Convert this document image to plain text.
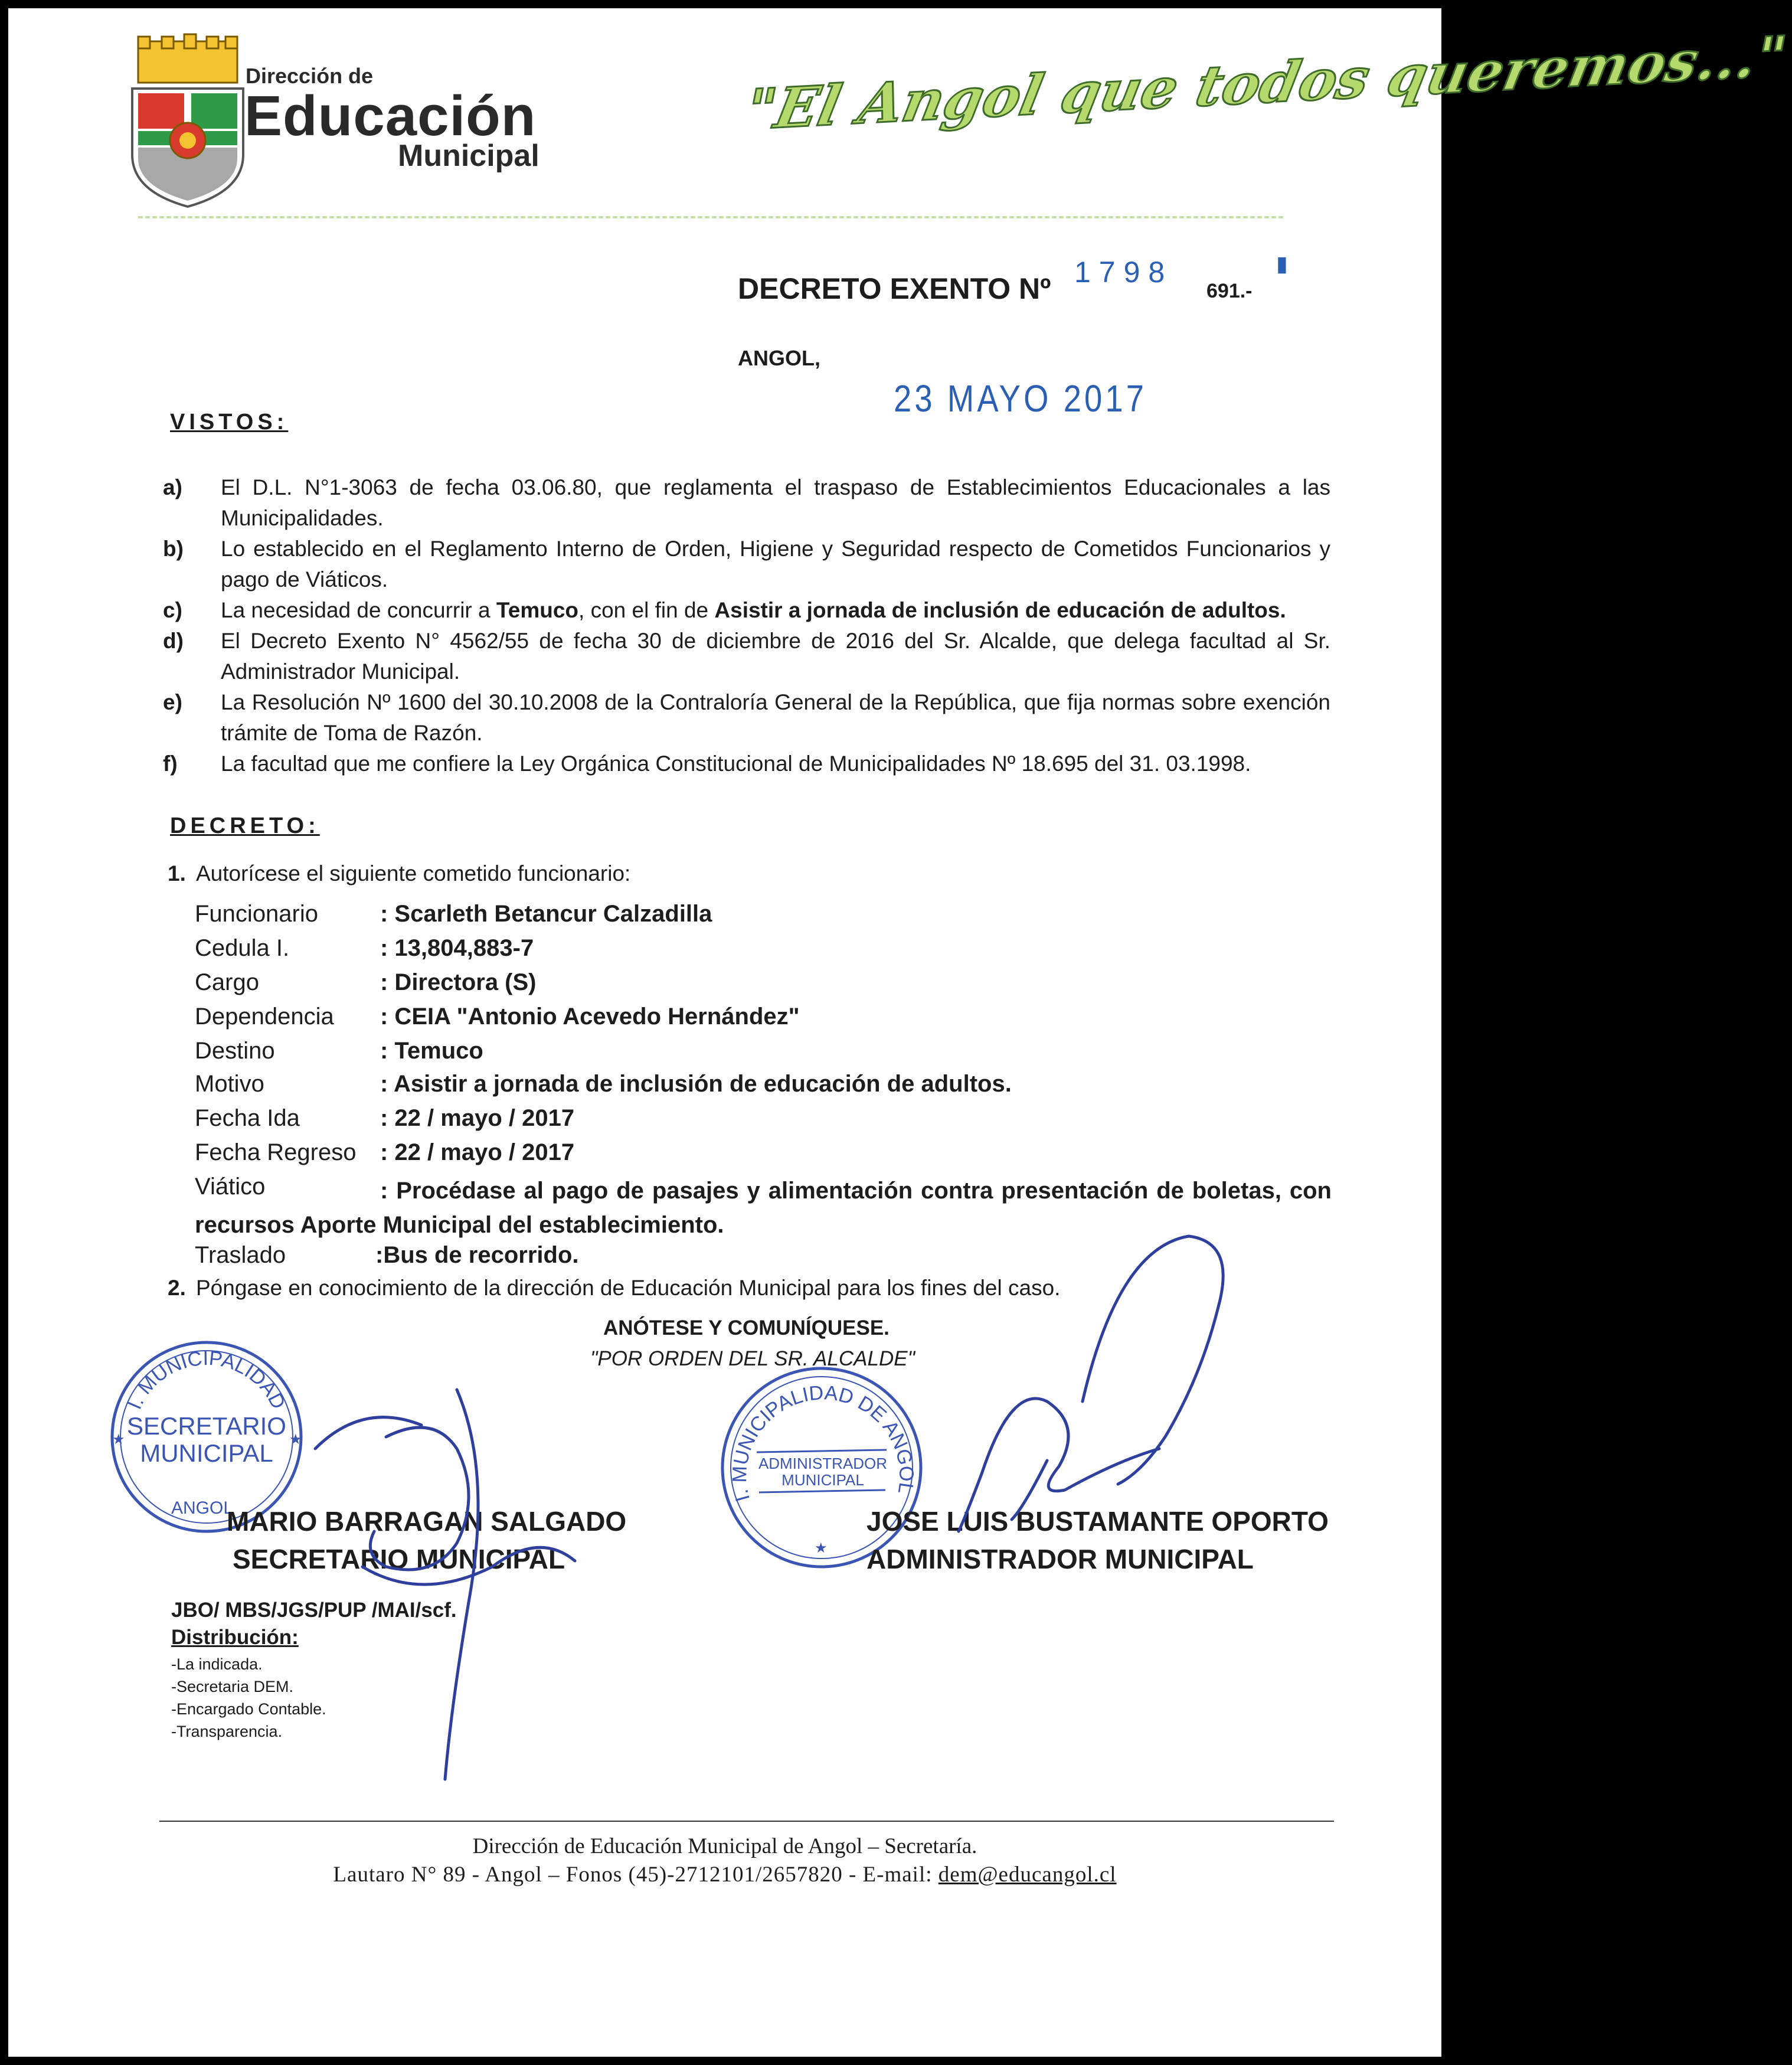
Dirección de
Educación
Municipal
"El Angol que todos queremos..."
DECRETO EXENTO Nº 1798
691.-
▮
ANGOL,
23 MAYO 2017
VISTOS:
a) El D.L. N°1-3063 de fecha 03.06.80, que reglamenta el traspaso de Establecimientos Educacionales a las Municipalidades.
b) Lo establecido en el Reglamento Interno de Orden, Higiene y Seguridad respecto de Cometidos Funcionarios y pago de Viáticos.
c) La necesidad de concurrir a Temuco, con el fin de Asistir a jornada de inclusión de educación de adultos.
d) El Decreto Exento N° 4562/55 de fecha 30 de diciembre de 2016 del Sr. Alcalde, que delega facultad al Sr. Administrador Municipal.
e) La Resolución Nº 1600 del 30.10.2008 de la Contraloría General de la República, que fija normas sobre exención trámite de Toma de Razón.
f) La facultad que me confiere la Ley Orgánica Constitucional de Municipalidades Nº 18.695 del 31. 03.1998.
DECRETO:
1. Autorícese el siguiente cometido funcionario:
Funcionario	: Scarleth Betancur Calzadilla
Cedula I.	: 13,804,883-7
Cargo	: Directora (S)
Dependencia : CEIA "Antonio Acevedo Hernández"
Destino	: Temuco
Motivo	: Asistir a jornada de inclusión de educación de adultos.
Fecha Ida	: 22 / mayo / 2017
Fecha Regreso : 22 / mayo / 2017
Viático	: Procédase al pago de pasajes y alimentación contra presentación de boletas, con recursos Aporte Municipal del establecimiento.
Traslado	:Bus de recorrido.
2. Póngase en conocimiento de la dirección de Educación Municipal para los fines del caso.
ANÓTESE Y COMUNÍQUESE.
"POR ORDEN DEL SR. ALCALDE"
I. MUNICIPALIDAD
SECRETARIO
MUNICIPAL
ANGOL
★	★
I. MUNICIPALIDAD DE ANGOL
ADMINISTRADOR
MUNICIPAL
★
MARIO BARRAGAN SALGADO
SECRETARIO MUNICIPAL
JOSE LUIS BUSTAMANTE OPORTO
ADMINISTRADOR MUNICIPAL
JBO/ MBS/JGS/PUP /MAI/scf.
Distribución:
-La indicada.
-Secretaria DEM.
-Encargado Contable.
-Transparencia.
Dirección de Educación Municipal de Angol – Secretaría.
Lautaro N° 89 - Angol – Fonos (45)-2712101/2657820 - E-mail: dem@educangol.cl
